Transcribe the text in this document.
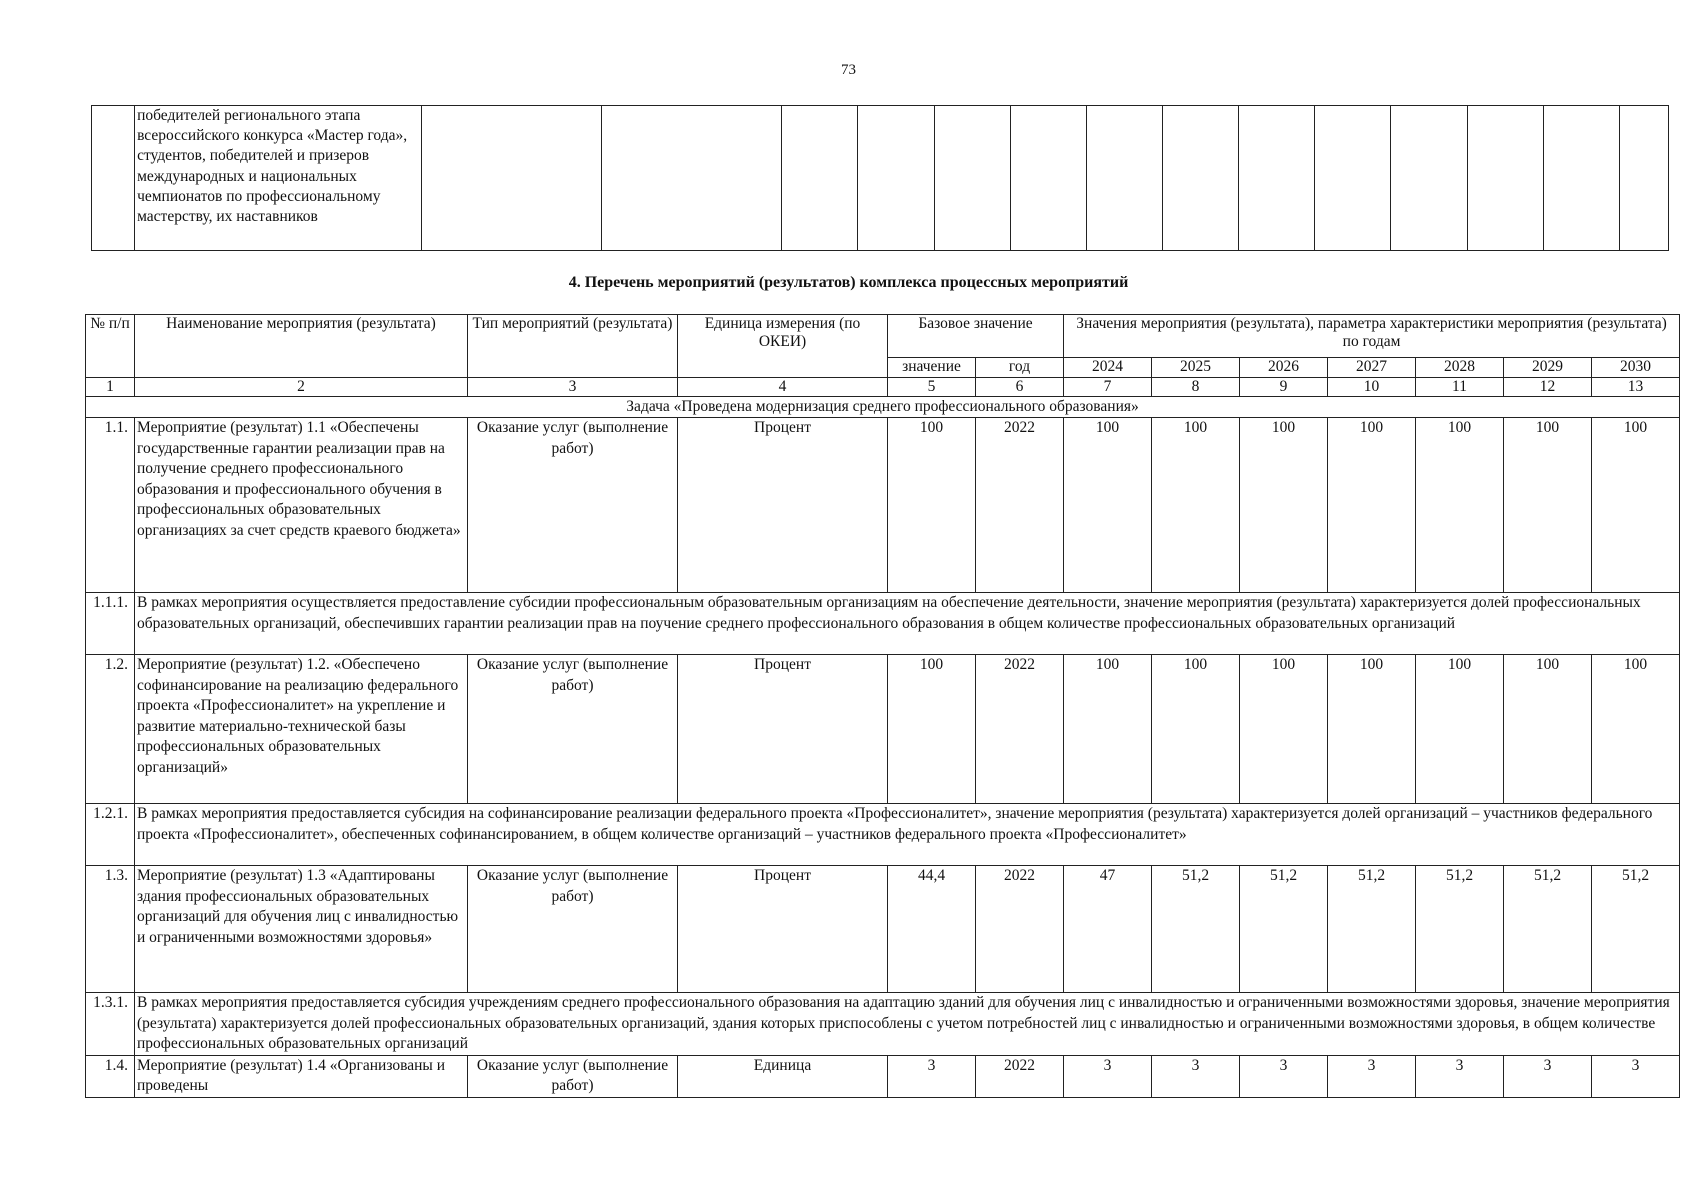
73
	победителей регионального этапа всероссийского конкурса «Мастер года», студентов, победителей и призеров международных и национальных чемпионатов по профессиональному мастерству, их наставников														
4. Перечень мероприятий (результатов) комплекса процессных мероприятий
№ п/п	Наименование мероприятия (результата)	Тип мероприятий (результата)	Единица измерения (по ОКЕИ)	Базовое значение		Значения мероприятия (результата), параметра характеристики мероприятия (результата) по годам						
				значение	год	2024	2025	2026	2027	2028	2029	2030
1	2	3	4	5	6	7	8	9	10	11	12	13
Задача «Проведена модернизация среднего профессионального образования»												
1.1.	Мероприятие (результат) 1.1 «Обеспечены государственные гарантии реализации прав на получение среднего профессионального образования и профессионального обучения в профессиональных образовательных организациях за счет средств краевого бюджета»	Оказание услуг (выполнение работ)	Процент	100	2022	100	100	100	100	100	100	100
1.1.1.	В рамках мероприятия осуществляется предоставление субсидии профессиональным образовательным организациям на обеспечение деятельности, значение мероприятия (результата) характеризуется долей профессиональных образовательных организаций, обеспечивших гарантии реализации прав на поучение среднего профессионального образования в общем количестве профессиональных образовательных организаций											
1.2.	Мероприятие (результат) 1.2. «Обеспечено софинансирование на реализацию федерального проекта «Профессионалитет» на укрепление и развитие материально-технической базы профессиональных образовательных организаций»	Оказание услуг (выполнение работ)	Процент	100	2022	100	100	100	100	100	100	100
1.2.1.	В рамках мероприятия предоставляется субсидия на софинансирование реализации федерального проекта «Профессионалитет», значение мероприятия (результата) характеризуется долей организаций – участников федерального проекта «Профессионалитет», обеспеченных софинансированием, в общем количестве организаций – участников федерального проекта «Профессионалитет»											
1.3.	Мероприятие (результат) 1.3 «Адаптированы здания профессиональных образовательных организаций для обучения лиц с инвалидностью и ограниченными возможностями здоровья»	Оказание услуг (выполнение работ)	Процент	44,4	2022	47	51,2	51,2	51,2	51,2	51,2	51,2
1.3.1.	В рамках мероприятия предоставляется субсидия учреждениям среднего профессионального образования на адаптацию зданий для обучения лиц с инвалидностью и ограниченными возможностями здоровья, значение мероприятия (результата) характеризуется долей профессиональных образовательных организаций, здания которых приспособлены с учетом потребностей лиц с инвалидностью и ограниченными возможностями здоровья, в общем количестве профессиональных образовательных организаций											
1.4.	Мероприятие (результат) 1.4 «Организованы и проведены	Оказание услуг (выполнение работ)	Единица	3	2022	3	3	3	3	3	3	3
